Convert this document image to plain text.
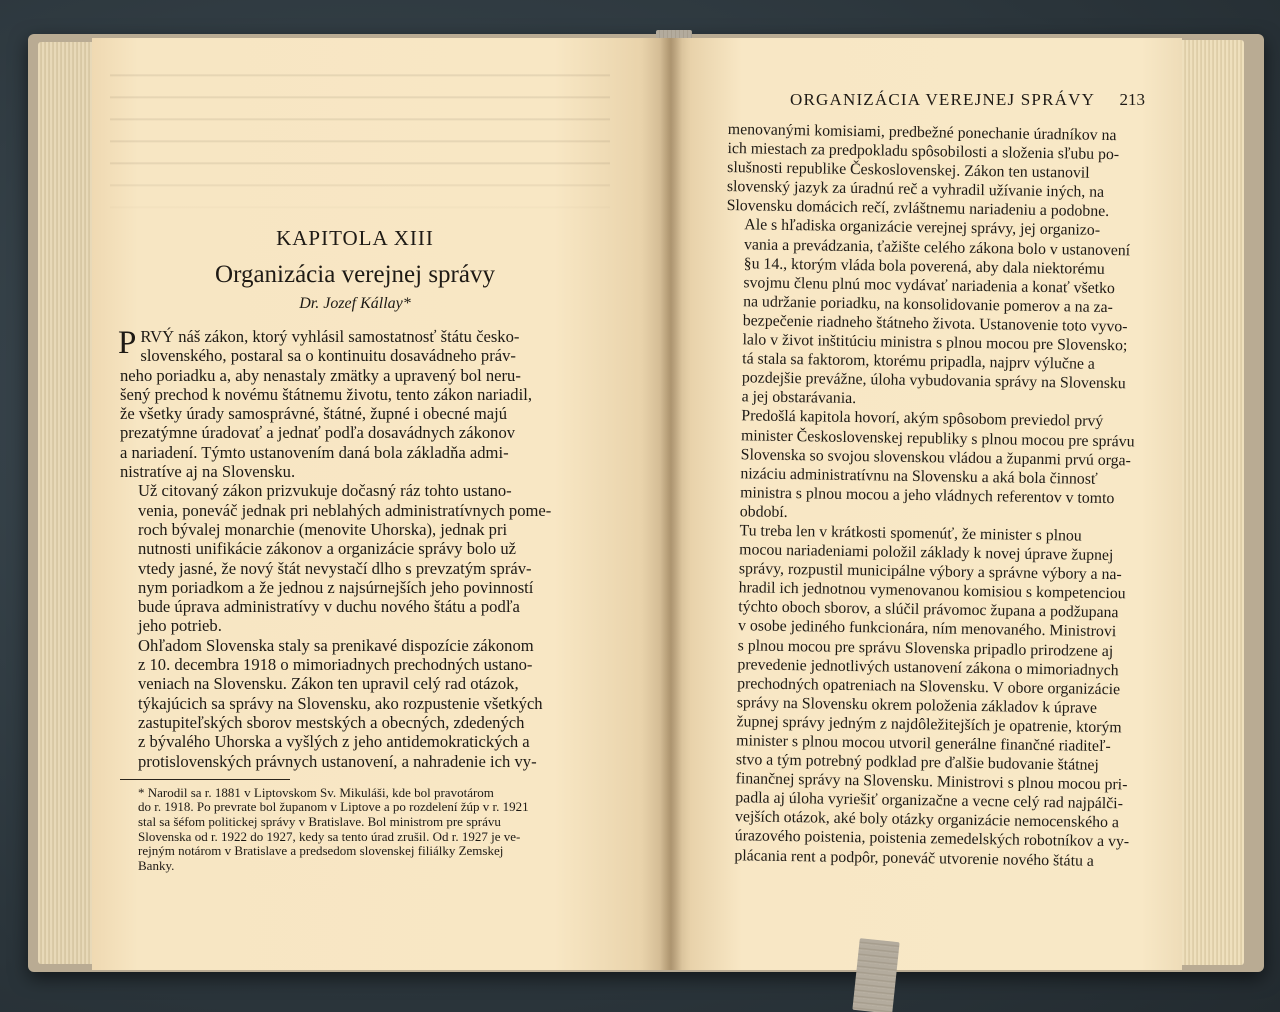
KAPITOLA XIII
Organizácia verejnej správy
Dr. Jozef Kállay*

P RVÝ náš zákon, ktorý vyhlásil samostatnosť štátu česko-
slovenského, postaral sa o kontinuitu dosavádneho práv-
neho poriadku a, aby nenastaly zmätky a upravený bol neru-
šený prechod k novému štátnemu životu, tento zákon nariadil,
že všetky úrady samosprávné, štátné, župné i obecné majú
prezatýmne úradovať a jednať podľa dosavádnych zákonov
a nariadení. Týmto ustanovením daná bola základňa admi-
nistratíve aj na Slovensku.

Už citovaný zákon prizvukuje dočasný ráz tohto ustano-
venia, poneváč jednak pri neblahých administratívnych pome-
roch bývalej monarchie (menovite Uhorska), jednak pri
nutnosti unifikácie zákonov a organizácie správy bolo už
vtedy jasné, že nový štát nevystačí dlho s prevzatým správ-
nym poriadkom a že jednou z najsúrnejších jeho povinností
bude úprava administratívy v duchu nového štátu a podľa
jeho potrieb.

Ohľadom Slovenska staly sa prenikavé dispozície zákonom
z 10. decembra 1918 o mimoriadnych prechodných ustano-
veniach na Slovensku. Zákon ten upravil celý rad otázok,
týkajúcich sa správy na Slovensku, ako rozpustenie všetkých
zastupiteľských sborov mestských a obecných, zdedených
z bývalého Uhorska a vyšlých z jeho antidemokratických a
protislovenských právnych ustanovení, a nahradenie ich vy-

* Narodil sa r. 1881 v Liptovskom Sv. Mikuláši, kde bol pravotárom
do r. 1918. Po prevrate bol županom v Liptove a po rozdelení žúp v r. 1921
stal sa šéfom politickej správy v Bratislave. Bol ministrom pre správu
Slovenska od r. 1922 do 1927, kedy sa tento úrad zrušil. Od r. 1927 je ve-
rejným notárom v Bratislave a predsedom slovenskej filiálky Zemskej
Banky.

ORGANIZÁCIA VEREJNEJ SPRÁVY 213

menovanými komisiami, predbežné ponechanie úradníkov na
ich miestach za predpokladu spôsobilosti a složenia sľubu po-
slušnosti republike Československej. Zákon ten ustanovil
slovenský jazyk za úradnú reč a vyhradil užívanie iných, na
Slovensku domácich rečí, zvláštnemu nariadeniu a podobne.

Ale s hľadiska organizácie verejnej správy, jej organizo-
vania a prevádzania, ťažište celého zákona bolo v ustanovení
§u 14., ktorým vláda bola poverená, aby dala niektorému
svojmu členu plnú moc vydávať nariadenia a konať všetko
na udržanie poriadku, na konsolidovanie pomerov a na za-
bezpečenie riadneho štátneho života. Ustanovenie toto vyvo-
lalo v život inštitúciu ministra s plnou mocou pre Slovensko;
tá stala sa faktorom, ktorému pripadla, najprv výlučne a
pozdejšie prevážne, úloha vybudovania správy na Slovensku
a jej obstarávania.

Predošlá kapitola hovorí, akým spôsobom previedol prvý
minister Československej republiky s plnou mocou pre správu
Slovenska so svojou slovenskou vládou a županmi prvú orga-
nizáciu administratívnu na Slovensku a aká bola činnosť
ministra s plnou mocou a jeho vládnych referentov v tomto
období.

Tu treba len v krátkosti spomenúť, že minister s plnou
mocou nariadeniami položil základy k novej úprave župnej
správy, rozpustil municipálne výbory a správne výbory a na-
hradil ich jednotnou vymenovanou komisiou s kompetenciou
týchto oboch sborov, a slúčil právomoc župana a podžupana
v osobe jediného funkcionára, ním menovaného. Ministrovi
s plnou mocou pre správu Slovenska pripadlo prirodzene aj
prevedenie jednotlivých ustanovení zákona o mimoriadnych
prechodných opatreniach na Slovensku. V obore organizácie
správy na Slovensku okrem položenia základov k úprave
župnej správy jedným z najdôležitejších je opatrenie, ktorým
minister s plnou mocou utvoril generálne finančné riaditeľ-
stvo a tým potrebný podklad pre ďalšie budovanie štátnej
finančnej správy na Slovensku. Ministrovi s plnou mocou pri-
padla aj úloha vyriešiť organizačne a vecne celý rad najpálči-
vejších otázok, aké boly otázky organizácie nemocenského a
úrazového poistenia, poistenia zemedelských robotníkov a vy-
plácania rent a podpôr, poneváč utvorenie nového štátu a
